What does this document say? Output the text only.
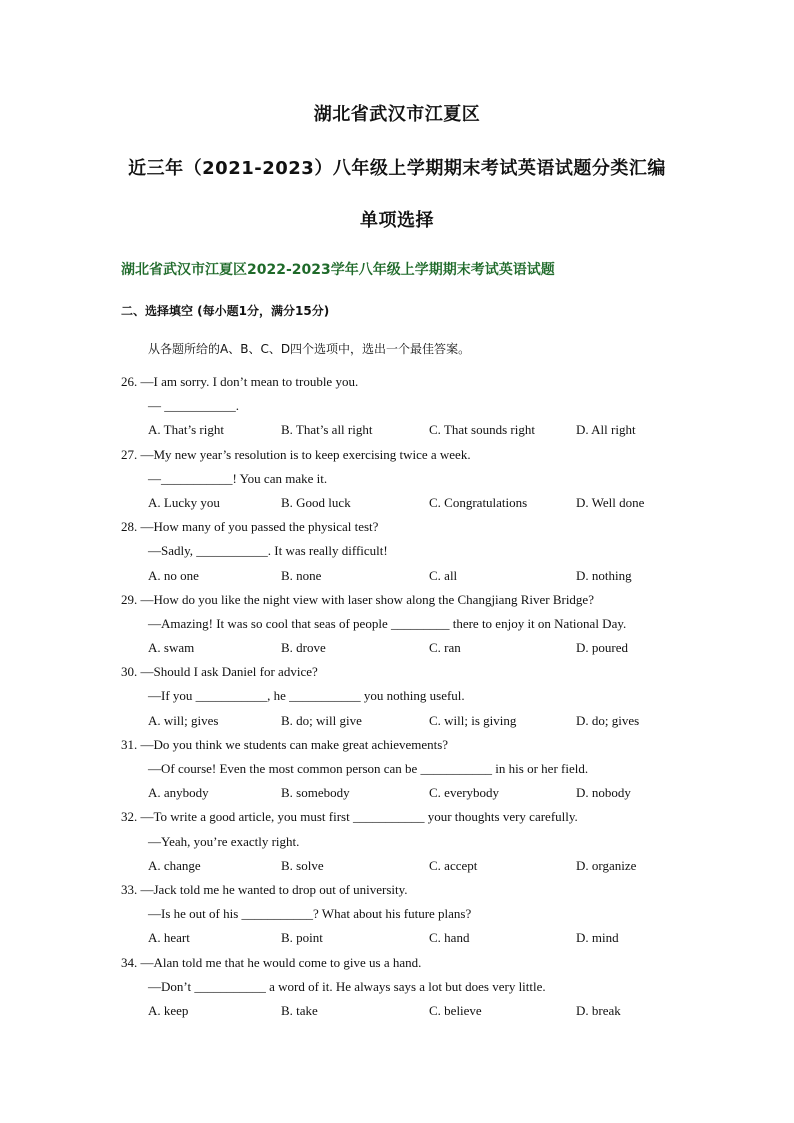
湖北省武汉市江夏区
近三年（2021-2023）八年级上学期期末考试英语试题分类汇编
单项选择
湖北省武汉市江夏区2022-2023学年八年级上学期期末考试英语试题
二、选择填空 (每小题1分，满分15分)
从各题所给的A、B、C、D四个选项中，选出一个最佳答案。
26. —I am sorry. I don’t mean to trouble you.
— ___________.
A. That’s right	B. That’s all right	C. That sounds right	D. All right
27. —My new year’s resolution is to keep exercising twice a week.
—___________! You can make it.
A. Lucky you	B. Good luck	C. Congratulations	D. Well done
28. —How many of you passed the physical test?
—Sadly, ___________. It was really difficult!
A. no one	B. none	C. all	D. nothing
29. —How do you like the night view with laser show along the Changjiang River Bridge?
—Amazing! It was so cool that seas of people _________ there to enjoy it on National Day.
A. swam	B. drove	C. ran	D. poured
30. —Should I ask Daniel for advice?
—If you ___________, he ___________ you nothing useful.
A. will; gives	B. do; will give	C. will; is giving	D. do; gives
31. —Do you think we students can make great achievements?
—Of course! Even the most common person can be ___________ in his or her field.
A. anybody	B. somebody	C. everybody	D. nobody
32. —To write a good article, you must first ___________ your thoughts very carefully.
—Yeah, you’re exactly right.
A. change	B. solve	C. accept	D. organize
33. —Jack told me he wanted to drop out of university.
—Is he out of his ___________? What about his future plans?
A. heart	B. point	C. hand	D. mind
34. —Alan told me that he would come to give us a hand.
—Don’t ___________ a word of it. He always says a lot but does very little.
A. keep	B. take	C. believe	D. break
